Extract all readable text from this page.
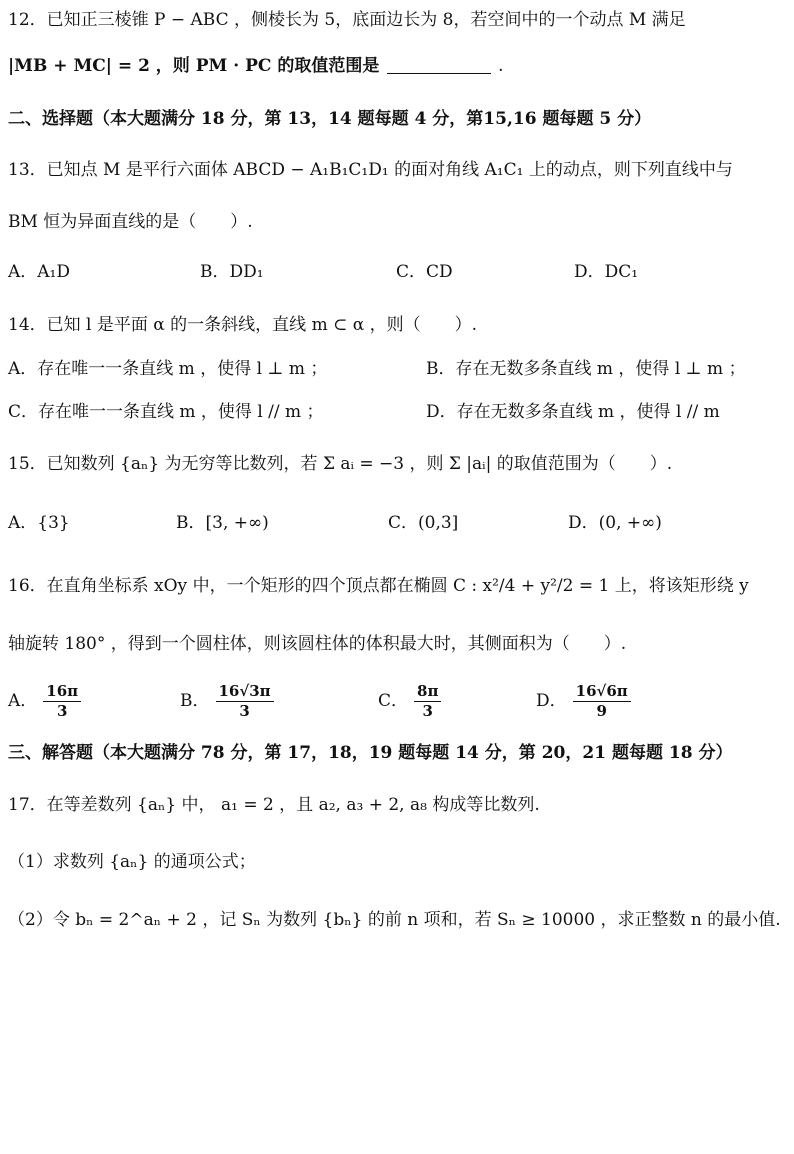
12．已知正三棱锥 P − ABC ，侧棱长为 5，底面边长为 8，若空间中的一个动点 M 满足
|MB + MC| = 2 ，则 PM · PC 的取值范围是	.
二、选择题（本大题满分 18 分，第 13，14 题每题 4 分，第15,16 题每题 5 分）
13．已知点 M 是平行六面体 ABCD − A₁B₁C₁D₁ 的面对角线 A₁C₁ 上的动点，则下列直线中与
BM 恒为异面直线的是（　　）.
A．A₁D	B．DD₁	C．CD	D．DC₁
14．已知 l 是平面 α 的一条斜线，直线 m ⊂ α ，则（　　）.
A．存在唯一一条直线 m ，使得 l ⊥ m ；	B．存在无数多条直线 m ，使得 l ⊥ m ；
C．存在唯一一条直线 m ，使得 l // m ；	D．存在无数多条直线 m ，使得 l // m
15．已知数列 {aₙ} 为无穷等比数列，若 Σ aᵢ = −3 ，则 Σ |aᵢ| 的取值范围为（　　）.
A．{3}	B．[3, +∞)	C．(0,3]	D．(0, +∞)
16．在直角坐标系 xOy 中，一个矩形的四个顶点都在椭圆 C : x²/4 + y²/2 = 1 上，将该矩形绕 y
轴旋转 180° ，得到一个圆柱体，则该圆柱体的体积最大时，其侧面积为（　　）.
A． $\frac{16\pi}{3}$	B． $\frac{16√3\pi}{3}$	C． $\frac{8\pi}{3}$	D． $\frac{16√6\pi}{9}$
三、解答题（本大题满分 78 分，第 17，18，19 题每题 14 分，第 20，21 题每题 18 分）
17．在等差数列 {aₙ} 中， a₁ = 2 ，且 a₂, a₃ + 2, a₈ 构成等比数列.
（1）求数列 {aₙ} 的通项公式；
（2）令 bₙ = 2^aₙ + 2 ，记 Sₙ 为数列 {bₙ} 的前 n 项和，若 Sₙ ≥ 10000 ，求正整数 n 的最小值.
